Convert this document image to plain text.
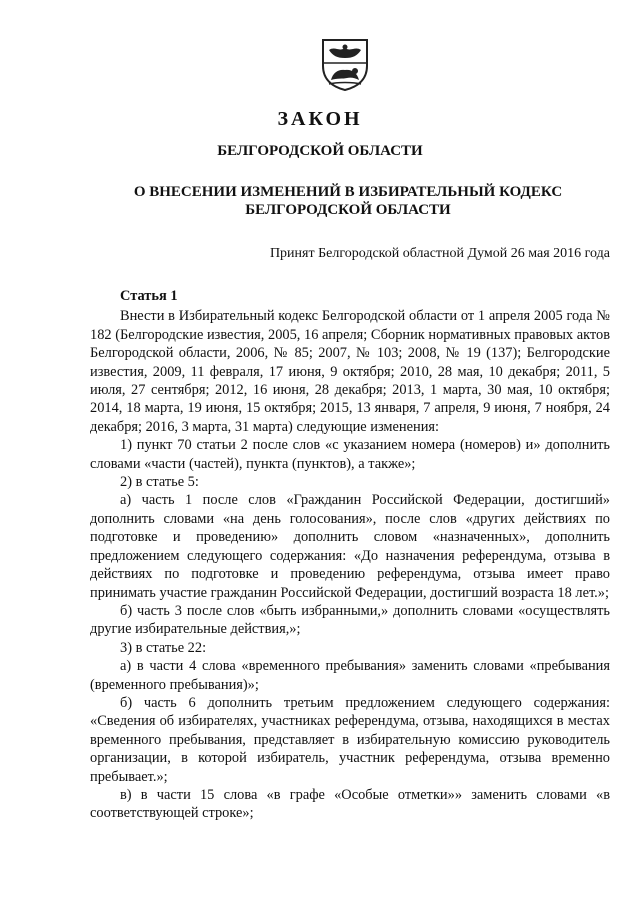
ЗАКОН
БЕЛГОРОДСКОЙ ОБЛАСТИ
О ВНЕСЕНИИ ИЗМЕНЕНИЙ В ИЗБИРАТЕЛЬНЫЙ КОДЕКС
БЕЛГОРОДСКОЙ ОБЛАСТИ
Принят Белгородской областной Думой 26 мая 2016 года
Статья 1

Внести в Избирательный кодекс Белгородской области от 1 апреля 2005 года № 182 (Белгородские известия, 2005, 16 апреля; Сборник нормативных правовых актов Белгородской области, 2006, № 85; 2007, № 103; 2008, № 19 (137); Белгородские известия, 2009, 11 февраля, 17 июня, 9 октября; 2010, 28 мая, 10 декабря; 2011, 5 июля, 27 сентября; 2012, 16 июня, 28 декабря; 2013, 1 марта, 30 мая, 10 октября; 2014, 18 марта, 19 июня, 15 октября; 2015, 13 января, 7 апреля, 9 июня, 7 ноября, 24 декабря; 2016, 3 марта, 31 марта) следующие изменения:

1) пункт 70 статьи 2 после слов «с указанием номера (номеров) и» дополнить словами «части (частей), пункта (пунктов), а также»;

2) в статье 5:

а) часть 1 после слов «Гражданин Российской Федерации, достигший» дополнить словами «на день голосования», после слов «других действиях по подготовке и проведению» дополнить словом «назначенных», дополнить предложением следующего содержания: «До назначения референдума, отзыва в действиях по подготовке и проведению референдума, отзыва имеет право принимать участие гражданин Российской Федерации, достигший возраста 18 лет.»;

б) часть 3 после слов «быть избранными,» дополнить словами «осуществлять другие избирательные действия,»;

3) в статье 22:

а) в части 4 слова «временного пребывания» заменить словами «пребывания (временного пребывания)»;

б) часть 6 дополнить третьим предложением следующего содержания: «Сведения об избирателях, участниках референдума, отзыва, находящихся в местах временного пребывания, представляет в избирательную комиссию руководитель организации, в которой избиратель, участник референдума, отзыва временно пребывает.»;

в) в части 15 слова «в графе «Особые отметки»» заменить словами «в соответствующей строке»;
